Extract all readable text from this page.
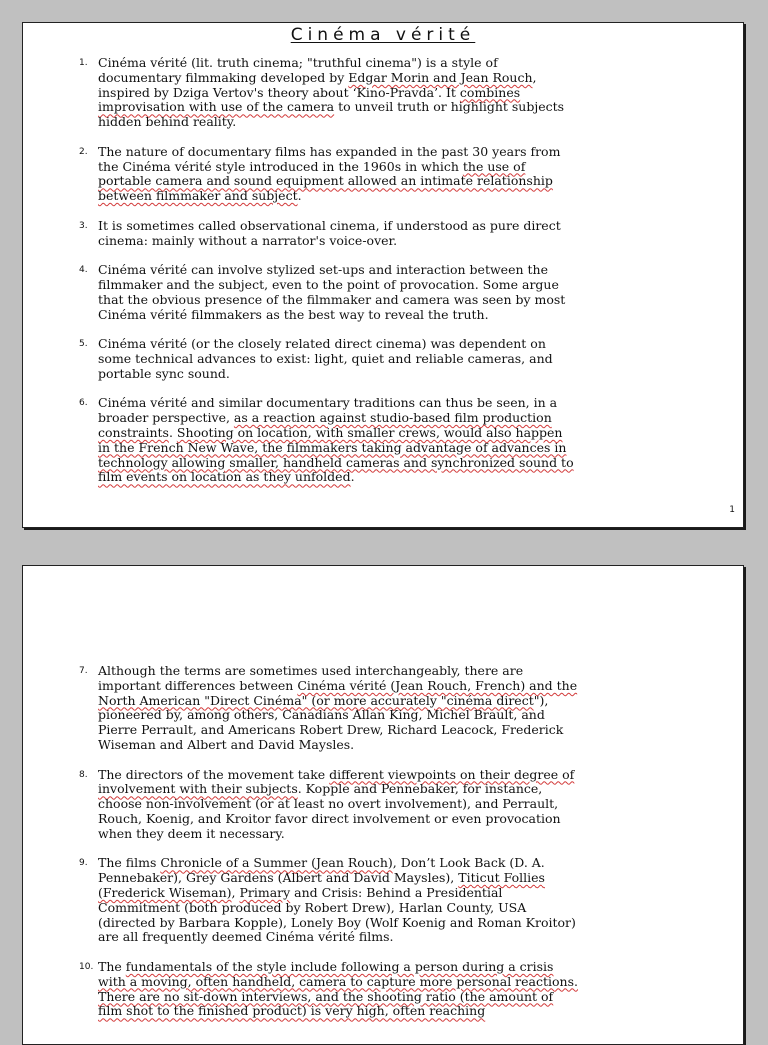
Cinéma vérité
1. Cinéma vérité (lit. truth cinema; "truthful cinema") is a style of documentary filmmaking developed by Edgar Morin and Jean Rouch, inspired by Dziga Vertov's theory about ‘Kino-Pravda’. It combines improvisation with use of the camera to unveil truth or highlight subjects hidden behind reality.
2. The nature of documentary films has expanded in the past 30 years from the Cinéma vérité style introduced in the 1960s in which the use of portable camera and sound equipment allowed an intimate relationship between filmmaker and subject.
3. It is sometimes called observational cinema, if understood as pure direct cinema: mainly without a narrator's voice-over.
4. Cinéma vérité can involve stylized set-ups and interaction between the filmmaker and the subject, even to the point of provocation. Some argue that the obvious presence of the filmmaker and camera was seen by most Cinéma vérité filmmakers as the best way to reveal the truth.
5. Cinéma vérité (or the closely related direct cinema) was dependent on some technical advances to exist: light, quiet and reliable cameras, and portable sync sound.
6. Cinéma vérité and similar documentary traditions can thus be seen, in a broader perspective, as a reaction against studio-based film production constraints. Shooting on location, with smaller crews, would also happen in the French New Wave, the filmmakers taking advantage of advances in technology allowing smaller, handheld cameras and synchronized sound to film events on location as they unfolded.
1
7. Although the terms are sometimes used interchangeably, there are important differences between Cinéma vérité (Jean Rouch, French) and the North American "Direct Cinéma" (or more accurately "cinéma direct"), pioneered by, among others, Canadians Allan King, Michel Brault, and Pierre Perrault, and Americans Robert Drew, Richard Leacock, Frederick Wiseman and Albert and David Maysles.
8. The directors of the movement take different viewpoints on their degree of involvement with their subjects. Kopple and Pennebaker, for instance, choose non-involvement (or at least no overt involvement), and Perrault, Rouch, Koenig, and Kroitor favor direct involvement or even provocation when they deem it necessary.
9. The films Chronicle of a Summer (Jean Rouch), Don’t Look Back (D. A. Pennebaker), Grey Gardens (Albert and David Maysles), Titicut Follies (Frederick Wiseman), Primary and Crisis: Behind a Presidential Commitment (both produced by Robert Drew), Harlan County, USA (directed by Barbara Kopple), Lonely Boy (Wolf Koenig and Roman Kroitor) are all frequently deemed Cinéma vérité films.
10. The fundamentals of the style include following a person during a crisis with a moving, often handheld, camera to capture more personal reactions. There are no sit-down interviews, and the shooting ratio (the amount of film shot to the finished product) is very high, often reaching
